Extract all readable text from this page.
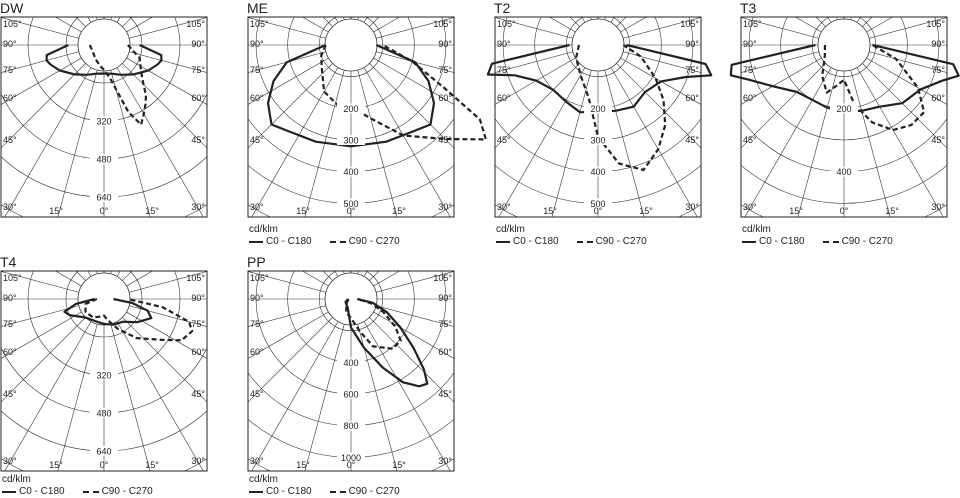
DW
320
480
640
105°
90°
75°
60°
45°
30°
105°
90°
75°
60°
45°
30°
15°	0°	15°
ME
200
300
400
500
105°
90°
75°
60°
45°
30°
105°
90°
75°
60°
45°
30°
15°	0°	15°
cd/klm
C0 - C180	C90 - C270
T2
200
300
400
500
105°
90°
75°
60°
45°
30°
105°
90°
75°
60°
45°
30°
15°	0°	15°
cd/klm
C0 - C180	C90 - C270
T3
200
400
105°
90°
75°
60°
45°
30°
105°
90°
75°
60°
45°
30°
15°	0°	15°
cd/klm
C0 - C180	C90 - C270
T4
320
480
640
105°
90°
75°
60°
45°
30°
105°
90°
75°
60°
45°
30°
15°	0°	15°
cd/klm
C0 - C180	C90 - C270
PP
400
600
800
1000
105°
90°
75°
60°
45°
30°
105°
90°
75°
60°
45°
30°
15°	0°	15°
cd/klm
C0 - C180	C90 - C270
